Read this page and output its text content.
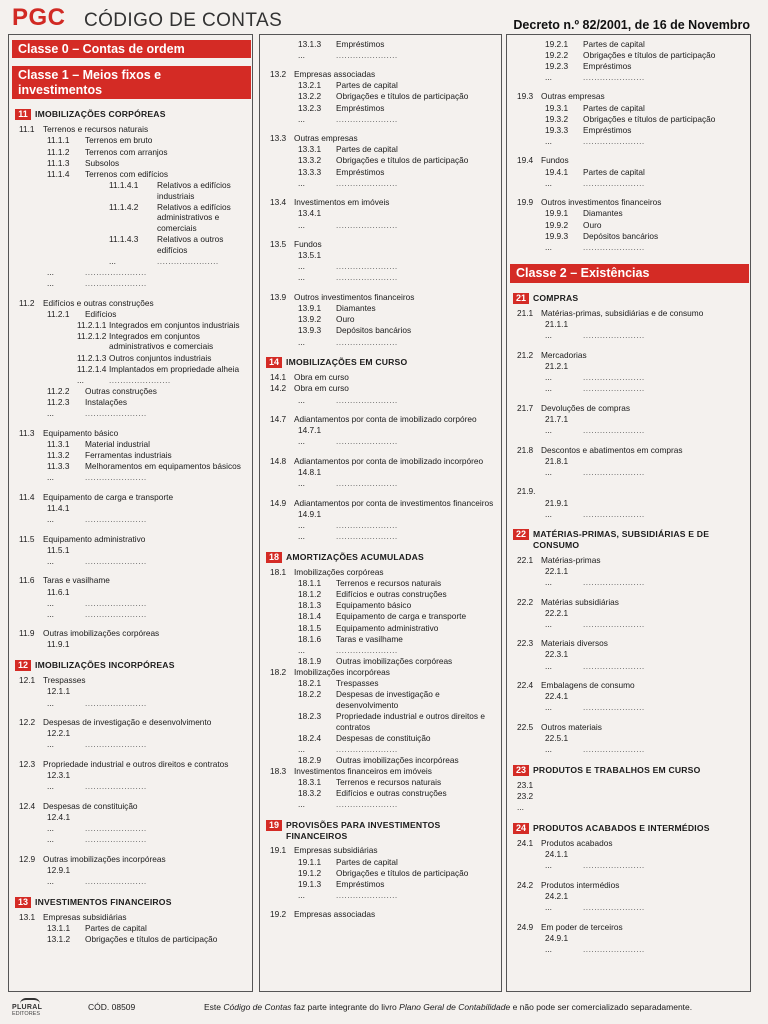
PGC CÓDIGO DE CONTAS	Decreto n.º 82/2001, de 16 de Novembro
Classe 0 – Contas de ordem
Classe 1 – Meios fixos e investimentos
11 IMOBILIZAÇÕES CORPÓREAS
11.1	Terrenos e recursos naturais
11.1.1	Terrenos em bruto
11.1.2	Terrenos com arranjos
11.1.3	Subsolos
11.1.4	Terrenos com edifícios
11.1.4.1	Relativos a edifícios industriais
11.1.4.2	Relativos a edifícios administrativos e comerciais
11.1.4.3	Relativos a outros edifícios
...	......................
...	......................
...	......................
11.2	Edifícios e outras construções
11.2.1	Edifícios
11.2.1.1 Integrados em conjuntos industriais
11.2.1.2 Integrados em conjuntos administrativos e comerciais
11.2.1.3 Outros conjuntos industriais
11.2.1.4 Implantados em propriedade alheia
...	......................
11.2.2	Outras construções
11.2.3	Instalações
...	......................
11.3	Equipamento básico
11.3.1	Material industrial
11.3.2	Ferramentas industriais
11.3.3	Melhoramentos em equipamentos básicos
...	......................
11.4	Equipamento de carga e transporte
11.4.1
...	......................
11.5	Equipamento administrativo
11.5.1
...	......................
11.6	Taras e vasilhame
11.6.1
...	......................
...	......................
11.9	Outras imobilizações corpóreas
11.9.1
12 IMOBILIZAÇÕES INCORPÓREAS
12.1 Trespasses
12.1.1
...	......................
12.2 Despesas de investigação e desenvolvimento
12.2.1
...	......................
12.3 Propriedade industrial e outros direitos e contratos
12.3.1
...	......................
12.4 Despesas de constituição
12.4.1
...	......................
...	......................
12.9 Outras imobilizações incorpóreas
12.9.1
...	......................
13 INVESTIMENTOS FINANCEIROS
13.1 Empresas subsidiárias
13.1.1	Partes de capital
13.1.2	Obrigações e títulos de participação
13.1.3	Empréstimos
...	......................
13.2 Empresas associadas
13.2.1	Partes de capital
13.2.2	Obrigações e títulos de participação
13.2.3	Empréstimos
...	......................
13.3 Outras empresas
13.3.1	Partes de capital
13.3.2	Obrigações e títulos de participação
13.3.3	Empréstimos
...	......................
13.4 Investimentos em imóveis
13.4.1
...	......................
13.5 Fundos
13.5.1
...	......................
...	......................
13.9 Outros investimentos financeiros
13.9.1	Diamantes
13.9.2	Ouro
13.9.3	Depósitos bancários
...	......................
14 IMOBILIZAÇÕES EM CURSO
14.1 Obra em curso
14.2 Obra em curso
...	......................
14.7 Adiantamentos por conta de imobilizado corpóreo
14.7.1
...	......................
14.8 Adiantamentos por conta de imobilizado incorpóreo
14.8.1
...	......................
14.9 Adiantamentos por conta de investimentos financeiros
14.9.1
...	......................
...	......................
18 AMORTIZAÇÕES ACUMULADAS
18.1 Imobilizações corpóreas
18.1.1	Terrenos e recursos naturais
18.1.2	Edifícios e outras construções
18.1.3	Equipamento básico
18.1.4	Equipamento de carga e transporte
18.1.5	Equipamento administrativo
18.1.6	Taras e vasilhame
...	......................
18.1.9	Outras imobilizações corpóreas
18.2 Imobilizações incorpóreas
18.2.1	Trespasses
18.2.2	Despesas de investigação e desenvolvimento
18.2.3	Propriedade industrial e outros direitos e contratos
18.2.4	Despesas de constituição
...	......................
18.2.9	Outras imobilizações incorpóreas
18.3 Investimentos financeiros em imóveis
18.3.1	Terrenos e recursos naturais
18.3.2	Edifícios e outras construções
...	......................
19 PROVISÕES PARA INVESTIMENTOS FINANCEIROS
19.1 Empresas subsidiárias
19.1.1	Partes de capital
19.1.2	Obrigações e títulos de participação
19.1.3	Empréstimos
...	......................
19.2 Empresas associadas
19.2.1	Partes de capital
19.2.2	Obrigações e títulos de participação
19.2.3	Empréstimos
...	......................
19.3 Outras empresas
19.3.1	Partes de capital
19.3.2	Obrigações e títulos de participação
19.3.3	Empréstimos
...	......................
19.4 Fundos
19.4.1	Partes de capital
...	......................
19.9 Outros investimentos financeiros
19.9.1	Diamantes
19.9.2	Ouro
19.9.3	Depósitos bancários
...	......................
Classe 2 – Existências
21 COMPRAS
21.1 Matérias-primas, subsidiárias e de consumo
21.1.1
...	......................
21.2 Mercadorias
21.2.1
...	......................
...	......................
21.7 Devoluções de compras
21.7.1
...	......................
21.8 Descontos e abatimentos em compras
21.8.1
...	......................
21.9.
21.9.1
...	......................
22 MATÉRIAS-PRIMAS, SUBSIDIÁRIAS E DE CONSUMO
22.1 Matérias-primas
22.1.1
...	......................
22.2 Matérias subsidiárias
22.2.1
...	......................
22.3 Materiais diversos
22.3.1
...	......................
22.4 Embalagens de consumo
22.4.1
...	......................
22.5 Outros materiais
22.5.1
...	......................
23 PRODUTOS E TRABALHOS EM CURSO
23.1
23.2
...
24 PRODUTOS ACABADOS E INTERMÉDIOS
24.1 Produtos acabados
24.1.1
...	......................
24.2 Produtos intermédios
24.2.1
...	......................
24.9 Em poder de terceiros
24.9.1
...	......................
PLURAL
EDITORES
CÓD. 08509	Este Código de Contas faz parte integrante do livro Plano Geral de Contabilidade e não pode ser comercializado separadamente.
